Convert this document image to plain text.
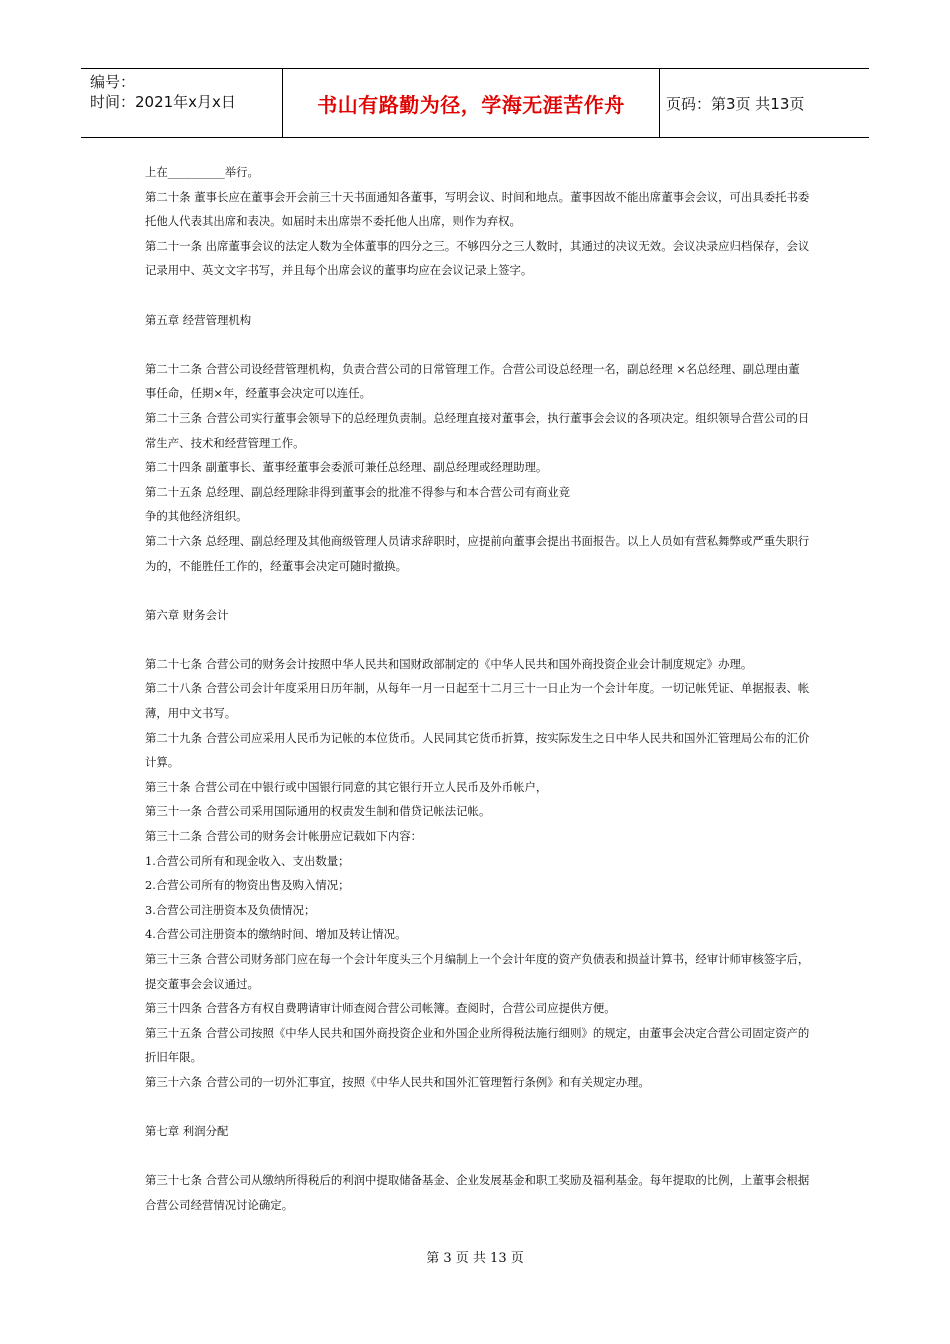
编号：
时间：2021年x月x日	书山有路勤为径，学海无涯苦作舟	页码：第3页 共13页

上在__________举行。

第二十条 董事长应在董事会开会前三十天书面通知各董事，写明会议、时间和地点。董事因故不能出席董事会会议，可出具委托书委托他人代表其出席和表决。如届时未出席崇不委托他人出席，则作为弃权。

第二十一条 出席董事会议的法定人数为全体董事的四分之三。不够四分之三人数时，其通过的决议无效。会议决录应归档保存，会议记录用中、英文文字书写，并且每个出席会议的董事均应在会议记录上签字。

第五章 经营管理机构

第二十二条 合营公司设经营管理机构，负责合营公司的日常管理工作。合营公司设总经理一名，副总经理 ×名总经理、副总理由董事任命，任期×年，经董事会决定可以连任。

第二十三条 合营公司实行董事会领导下的总经理负责制。总经理直接对董事会，执行董事会会议的各项决定。组织领导合营公司的日常生产、技术和经营管理工作。

第二十四条 副董事长、董事经董事会委派可兼任总经理、副总经理或经理助理。

第二十五条 总经理、副总经理除非得到董事会的批准不得参与和本合营公司有商业竞

争的其他经济组织。

第二十六条 总经理、副总经理及其他商级管理人员请求辞职时，应提前向董事会提出书面报告。以上人员如有营私舞弊或严重失职行为的，不能胜任工作的，经董事会决定可随时撤换。

第六章 财务会计

第二十七条 合营公司的财务会计按照中华人民共和国财政部制定的《中华人民共和国外商投资企业会计制度规定》办理。

第二十八条 合营公司会计年度采用日历年制，从每年一月一日起至十二月三十一日止为一个会计年度。一切记帐凭证、单据报表、帐薄，用中文书写。

第二十九条 合营公司应采用人民币为记帐的本位货币。人民同其它货币折算，按实际发生之日中华人民共和国外汇管理局公布的汇价计算。

第三十条 合营公司在中银行或中国银行同意的其它银行开立人民币及外币帐户，

第三十一条 合营公司采用国际通用的权责发生制和借贷记帐法记帐。

第三十二条 合营公司的财务会计帐册应记载如下内容：

1.合营公司所有和现金收入、支出数量；

2.合营公司所有的物资出售及购入情况；

3.合营公司注册资本及负债情况；

4.合营公司注册资本的缴纳时间、增加及转让情况。

第三十三条 合营公司财务部门应在每一个会计年度头三个月编制上一个会计年度的资产负债表和损益计算书，经审计师审核签字后，提交董事会会议通过。

第三十四条 合营各方有权自费聘请审计师查阅合营公司帐簿。查阅时，合营公司应提供方便。

第三十五条 合营公司按照《中华人民共和国外商投资企业和外国企业所得税法施行细则》的规定，由董事会决定合营公司固定资产的折旧年限。

第三十六条 合营公司的一切外汇事宜，按照《中华人民共和国外汇管理暂行条例》和有关规定办理。

第七章 利润分配

第三十七条 合营公司从缴纳所得税后的利润中提取储备基金、企业发展基金和职工奖励及福利基金。每年提取的比例，上董事会根据合营公司经营情况讨论确定。

第 3 页 共 13 页
